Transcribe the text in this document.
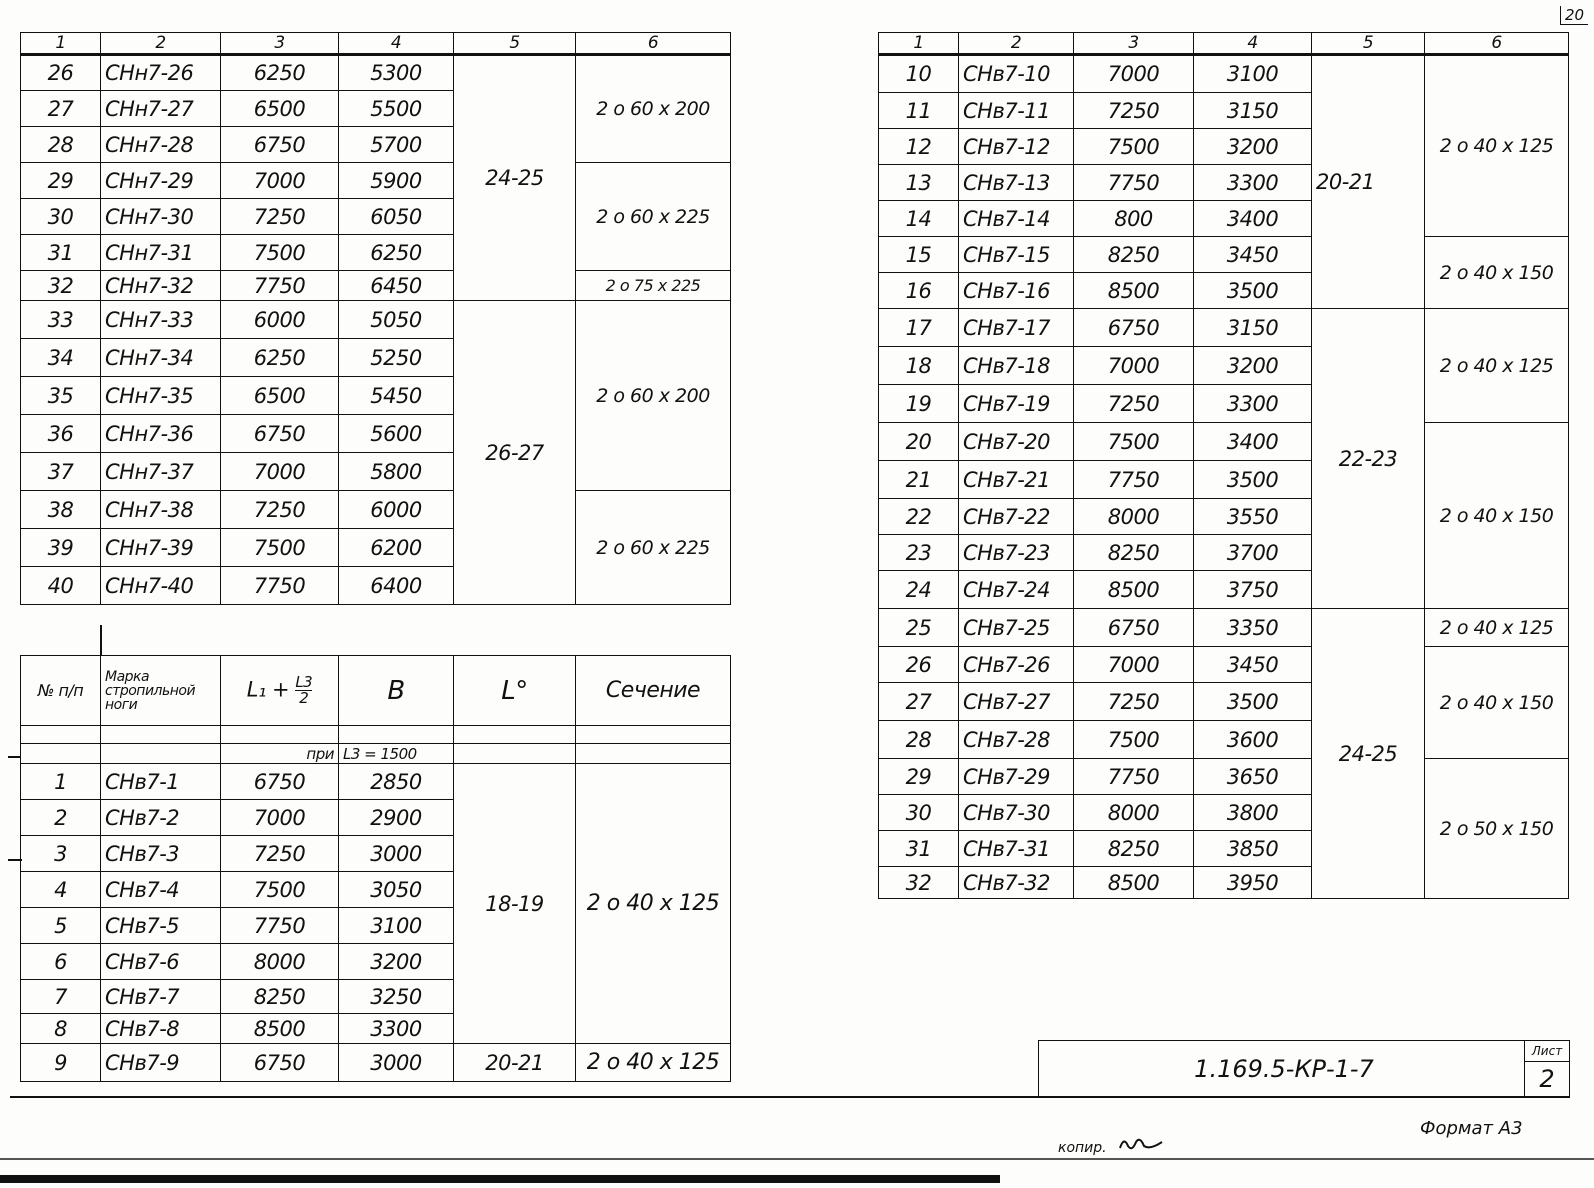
20
1	2	3	4	5	6
26	СНн7-26	6250	5300	24-25	2 о 60 х 200
27	СНн7-27	6500	5500		
28	СНн7-28	6750	5700		
29	СНн7-29	7000	5900		2 о 60 х 225
30	СНн7-30	7250	6050		
31	СНн7-31	7500	6250		
32	СНн7-32	7750	6450		2 о 75 х 225
33	СНн7-33	6000	5050	26-27	2 о 60 х 200
34	СНн7-34	6250	5250		
35	СНн7-35	6500	5450		
36	СНн7-36	6750	5600		
37	СНн7-37	7000	5800		
38	СНн7-38	7250	6000		2 о 60 х 225
39	СНн7-39	7500	6200		
40	СНн7-40	7750	6400		
№ п/п	Марка стропильной ноги	$L_1 + \frac{L3}{2}$	B	L°	Сечение

		при	L3 = 1500		
1	СНв7-1	6750	2850	18-19	2 о 40 х 125
2	СНв7-2	7000	2900		
3	СНв7-3	7250	3000		
4	СНв7-4	7500	3050		
5	СНв7-5	7750	3100		
6	СНв7-6	8000	3200		
7	СНв7-7	8250	3250		
8	СНв7-8	8500	3300		
9	СНв7-9	6750	3000	20-21	2 о 40 х 125
1	2	3	4	5	6
10	СНв7-10	7000	3100	20-21	2 о 40 х 125
11	СНв7-11	7250	3150		
12	СНв7-12	7500	3200		
13	СНв7-13	7750	3300		
14	СНв7-14	800	3400		
15	СНв7-15	8250	3450		2 о 40 х 150
16	СНв7-16	8500	3500		
17	СНв7-17	6750	3150	22-23	2 о 40 х 125
18	СНв7-18	7000	3200		
19	СНв7-19	7250	3300		
20	СНв7-20	7500	3400		2 о 40 х 150
21	СНв7-21	7750	3500		
22	СНв7-22	8000	3550		
23	СНв7-23	8250	3700		
24	СНв7-24	8500	3750		
25	СНв7-25	6750	3350	24-25	2 о 40 х 125
26	СНв7-26	7000	3450		2 о 40 х 150
27	СНв7-27	7250	3500		
28	СНв7-28	7500	3600		
29	СНв7-29	7750	3650		2 о 50 х 150
30	СНв7-30	8000	3800		
31	СНв7-31	8250	3850		
32	СНв7-32	8500	3950		
1.169.5-КР-1-7
Лист
2
копир.
Формат А3
